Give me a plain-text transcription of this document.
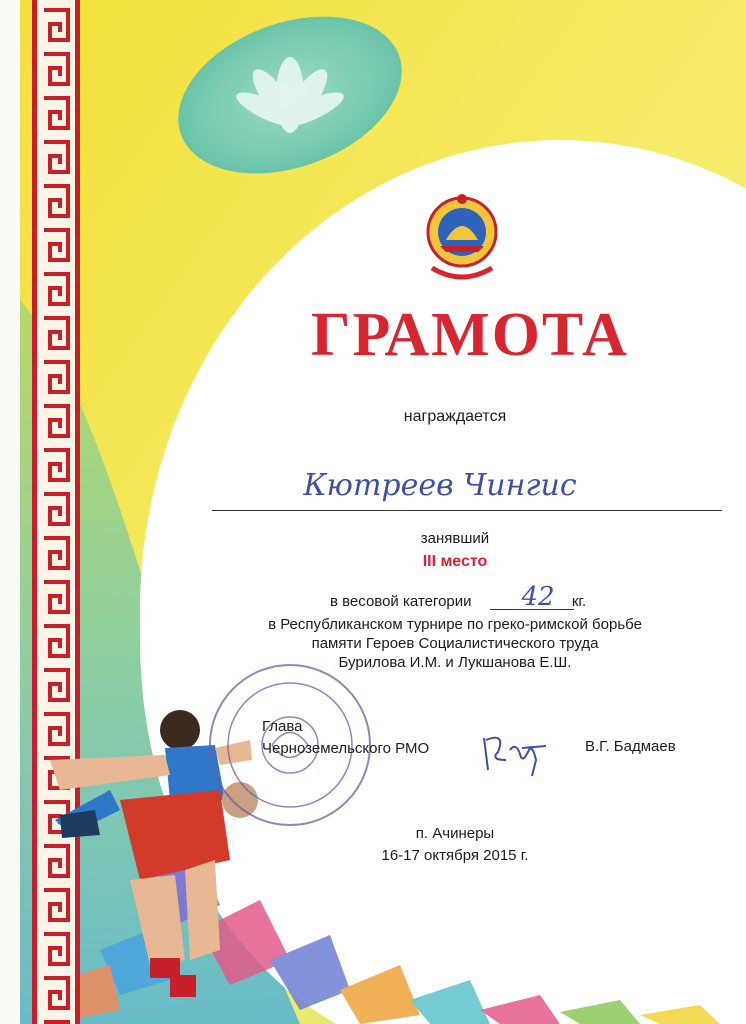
ГРАМОТА
награждается
Кютреев Чингис
занявший
III место
в весовой категории	кг.
42
в Республиканском турнире по греко-римской борьбе
памяти Героев Социалистического труда
Бурилова И.М. и Лукшанова Е.Ш.
Глава
Черноземельского РМО	В.Г. Бадмаев
п. Ачинеры
16-17 октября 2015 г.
